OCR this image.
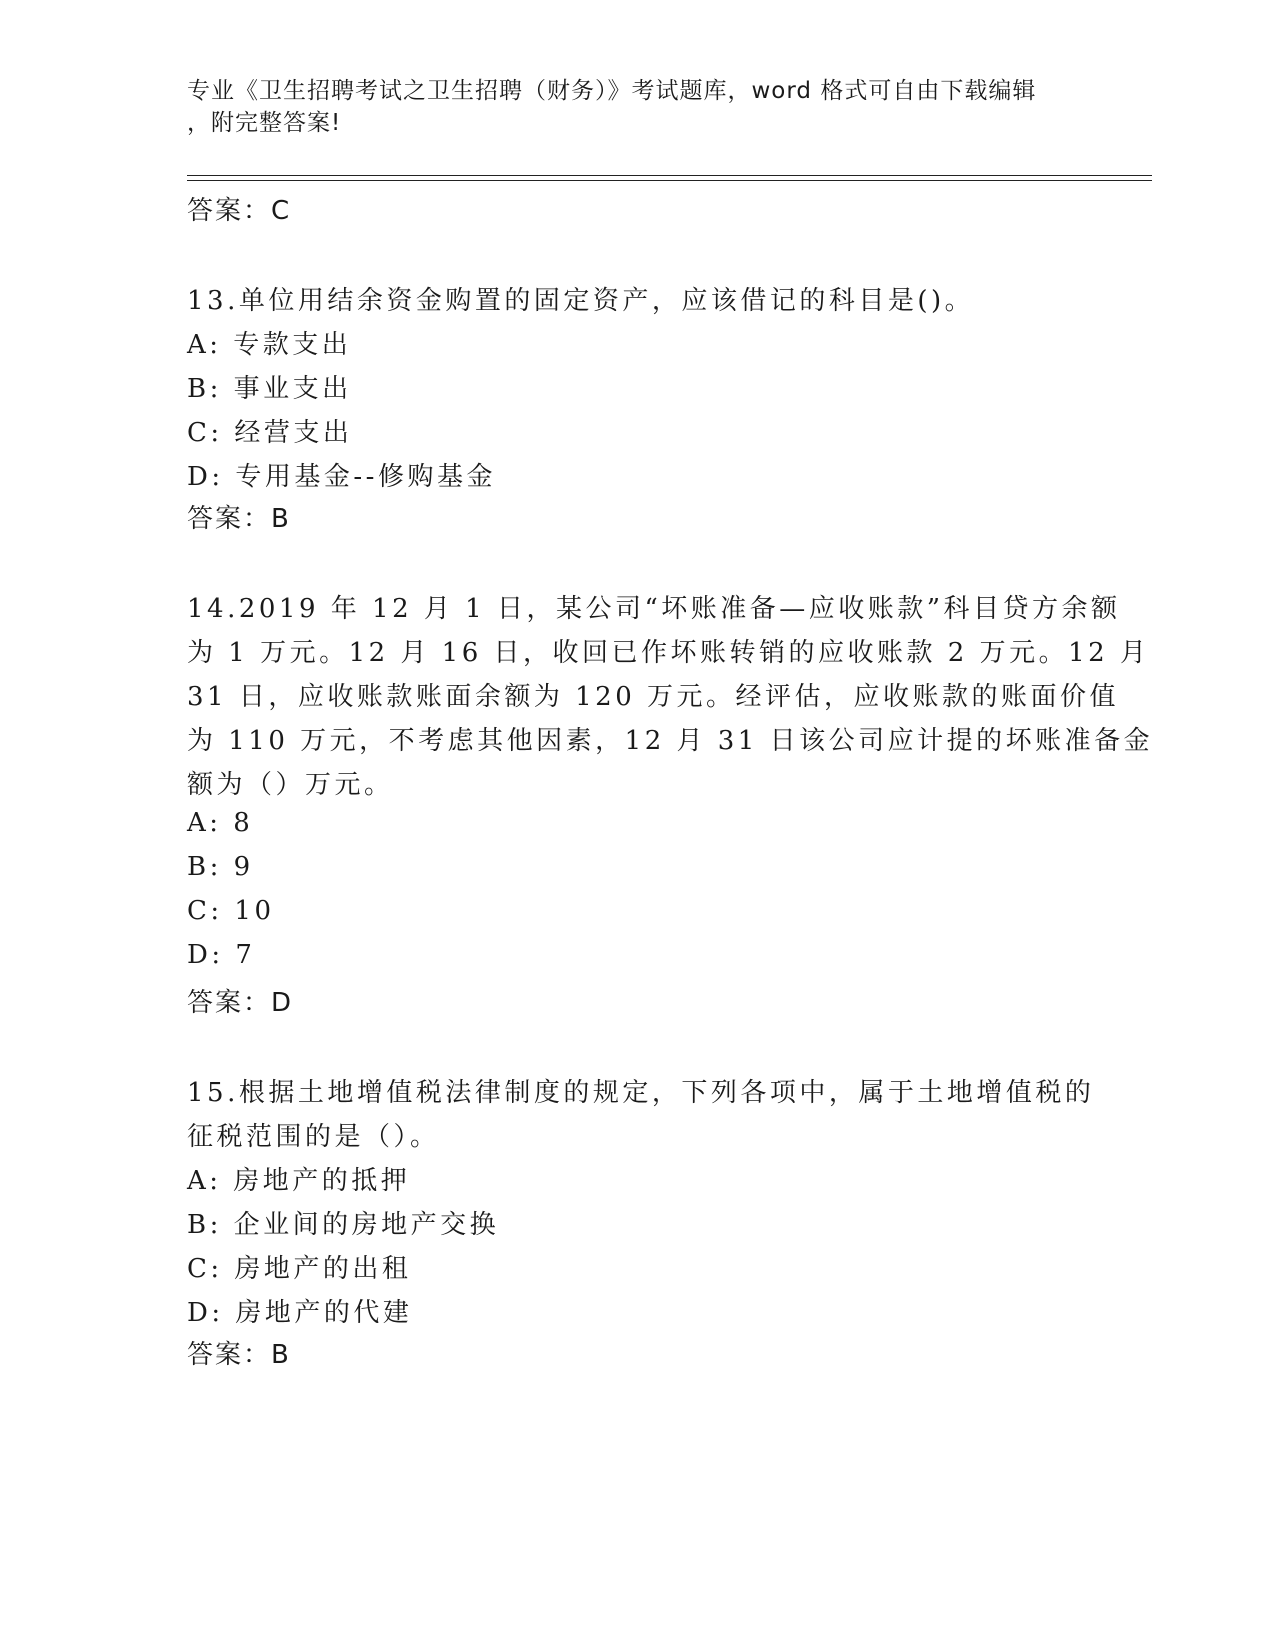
专业《卫生招聘考试之卫生招聘（财务）》考试题库，word 格式可自由下载编辑
，附完整答案!
答案：C
13.单位用结余资金购置的固定资产，应该借记的科目是()。
A: 专款支出
B: 事业支出
C: 经营支出
D: 专用基金--修购基金
答案：B
14.2019 年 12 月 1 日，某公司“坏账准备—应收账款”科目贷方余额
为 1 万元。12 月 16 日，收回已作坏账转销的应收账款 2 万元。12 月
31 日，应收账款账面余额为 120 万元。经评估，应收账款的账面价值
为 110 万元，不考虑其他因素，12 月 31 日该公司应计提的坏账准备金
额为（）万元。
A: 8
B: 9
C: 10
D: 7
答案：D
15.根据土地增值税法律制度的规定，下列各项中，属于土地增值税的
征税范围的是（）。
A: 房地产的抵押
B: 企业间的房地产交换
C: 房地产的出租
D: 房地产的代建
答案：B
